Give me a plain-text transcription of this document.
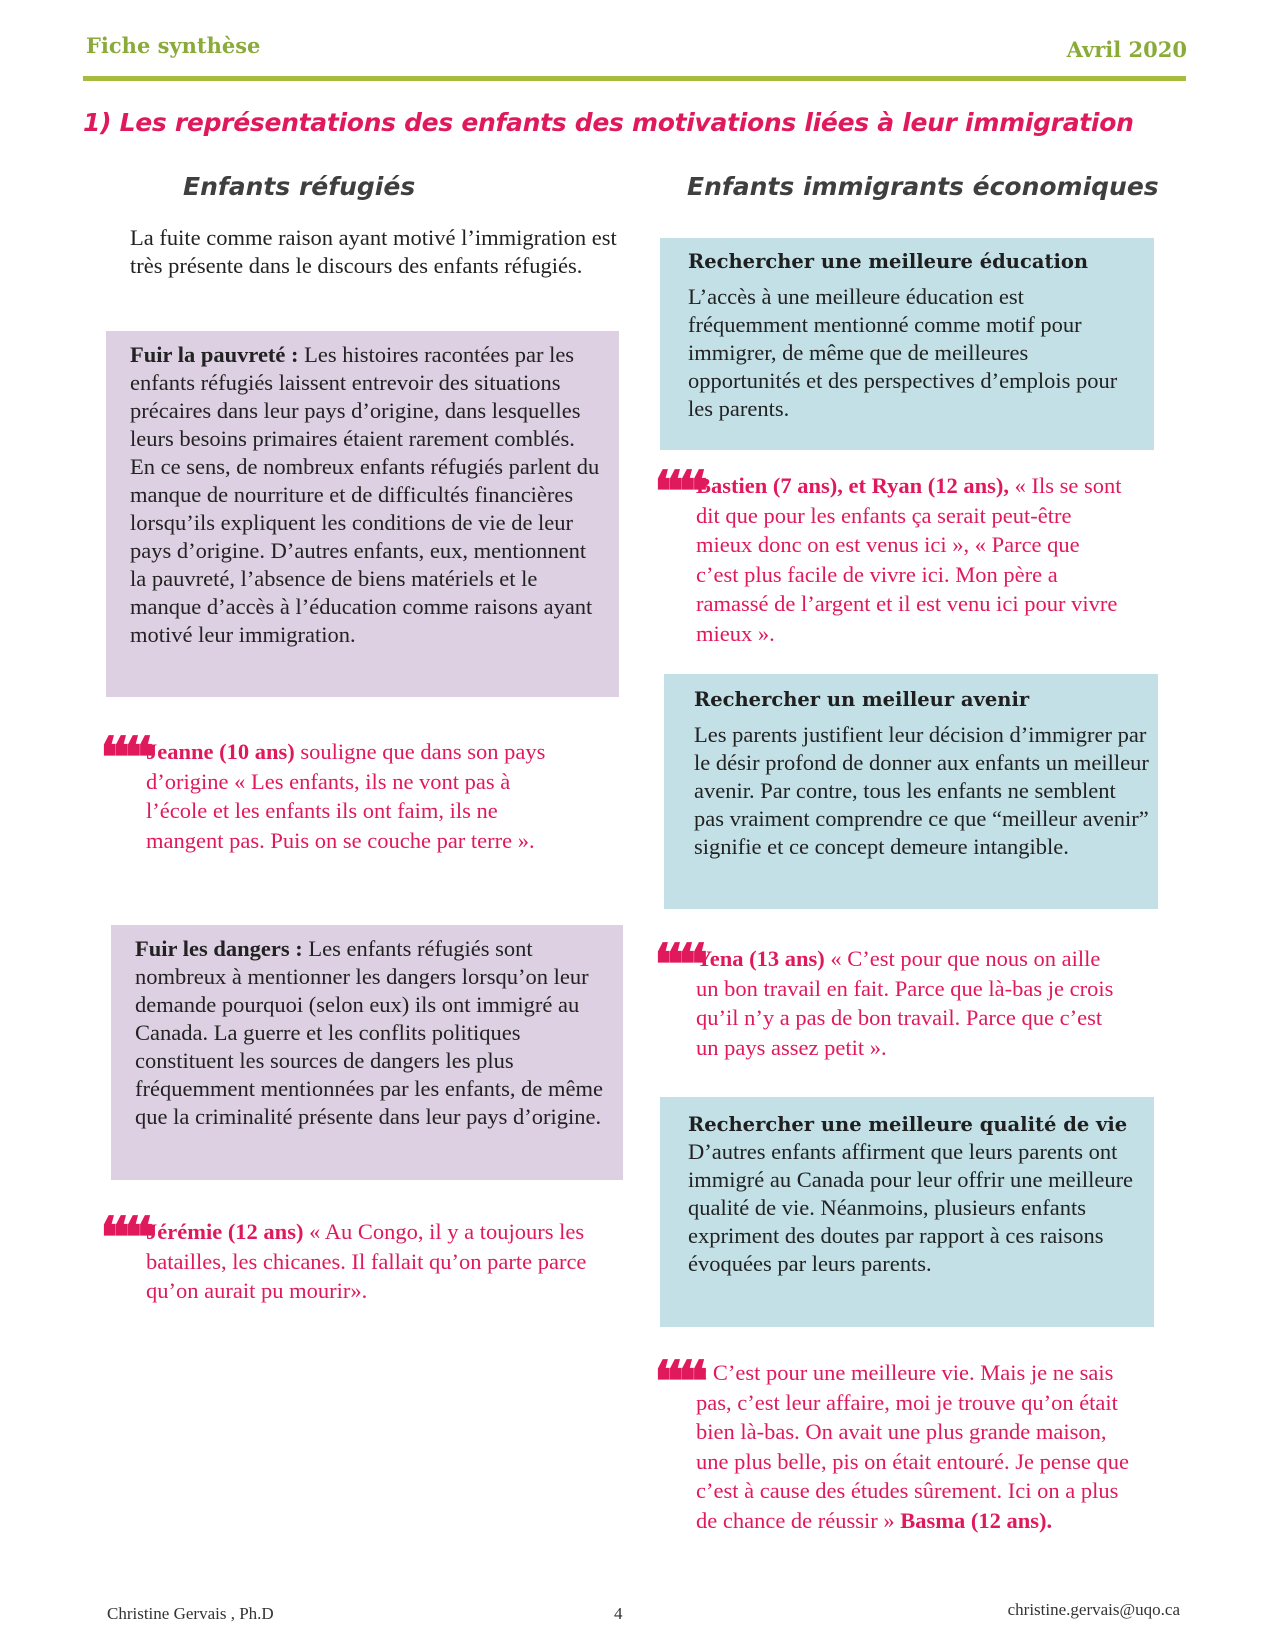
Fiche synthèse	Avril 2020
1) Les représentations des enfants des motivations liées à leur immigration
Enfants réfugiés	Enfants immigrants économiques
La fuite comme raison ayant motivé l’immigration est très présente dans le discours des enfants réfugiés.
Fuir la pauvreté : Les histoires racontées par les enfants réfugiés laissent entrevoir des situations précaires dans leur pays d’origine, dans lesquelles leurs besoins primaires étaient rarement comblés. En ce sens, de nombreux enfants réfugiés parlent du manque de nourriture et de difficultés financières lorsqu’ils expliquent les conditions de vie de leur pays d’origine. D’autres enfants, eux, mentionnent la pauvreté, l’absence de biens matériels et le manque d’accès à l’éducation comme raisons ayant motivé leur immigration.
❝❝
Jeanne (10 ans) souligne que dans son pays d’origine « Les enfants, ils ne vont pas à l’école et les enfants ils ont faim, ils ne mangent pas. Puis on se couche par terre ».
Fuir les dangers : Les enfants réfugiés sont nombreux à mentionner les dangers lorsqu’on leur demande pourquoi (selon eux) ils ont immigré au Canada. La guerre et les conflits politiques constituent les sources de dangers les plus fréquemment mentionnées par les enfants, de même que la criminalité présente dans leur pays d’origine.
❝❝
Jérémie (12 ans) « Au Congo, il y a toujours les batailles, les chicanes. Il fallait qu’on parte parce qu’on aurait pu mourir».
Rechercher une meilleure éducation
L’accès à une meilleure éducation est fréquemment mentionné comme motif pour immigrer, de même que de meilleures opportunités et des perspectives d’emplois pour les parents.
❝❝
Bastien (7 ans), et Ryan (12 ans), « Ils se sont dit que pour les enfants ça serait peut-être mieux donc on est venus ici », « Parce que c’est plus facile de vivre ici. Mon père a ramassé de l’argent et il est venu ici pour vivre mieux ».
Rechercher un meilleur avenir
Les parents justifient leur décision d’immigrer par le désir profond de donner aux enfants un meilleur avenir. Par contre, tous les enfants ne semblent pas vraiment comprendre ce que “meilleur avenir” signifie et ce concept demeure intangible.
❝❝
Yena (13 ans) « C’est pour que nous on aille un bon travail en fait. Parce que là-bas je crois qu’il n’y a pas de bon travail. Parce que c’est un pays assez petit ».
Rechercher une meilleure qualité de vie
D’autres enfants affirment que leurs parents ont immigré au Canada pour leur offrir une meilleure qualité de vie. Néanmoins, plusieurs enfants expriment des doutes par rapport à ces raisons évoquées par leurs parents.
❝❝
« C’est pour une meilleure vie. Mais je ne sais pas, c’est leur affaire, moi je trouve qu’on était bien là-bas. On avait une plus grande maison, une plus belle, pis on était entouré. Je pense que c’est à cause des études sûrement. Ici on a plus de chance de réussir » Basma (12 ans).
Christine Gervais , Ph.D	4	christine.gervais@uqo.ca
